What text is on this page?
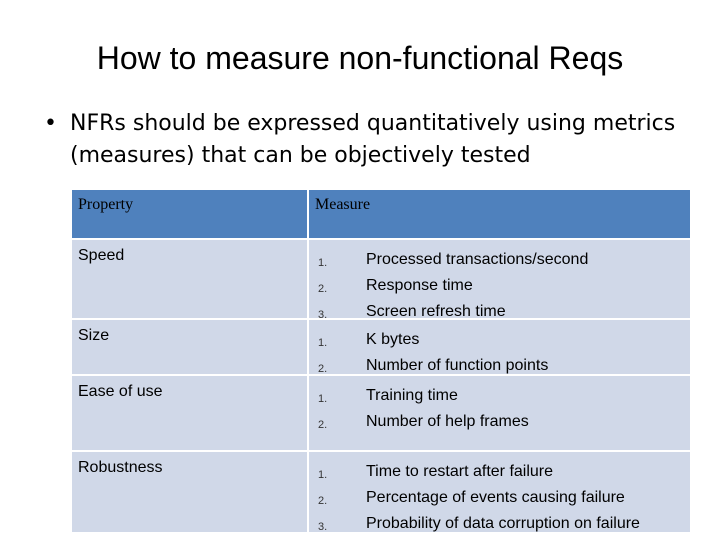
How to measure non-functional Reqs
• NFRs should be expressed quantitatively using metrics (measures) that can be objectively tested
Property	Measure
Speed	1.	Processed transactions/second
2.	Response time
3.	Screen refresh time
Size	1.	K bytes
2.	Number of function points
Ease of use	1.	Training time
2.	Number of help frames
Robustness	1.	Time to restart after failure
2.	Percentage of events causing failure
3.	Probability of data corruption on failure
